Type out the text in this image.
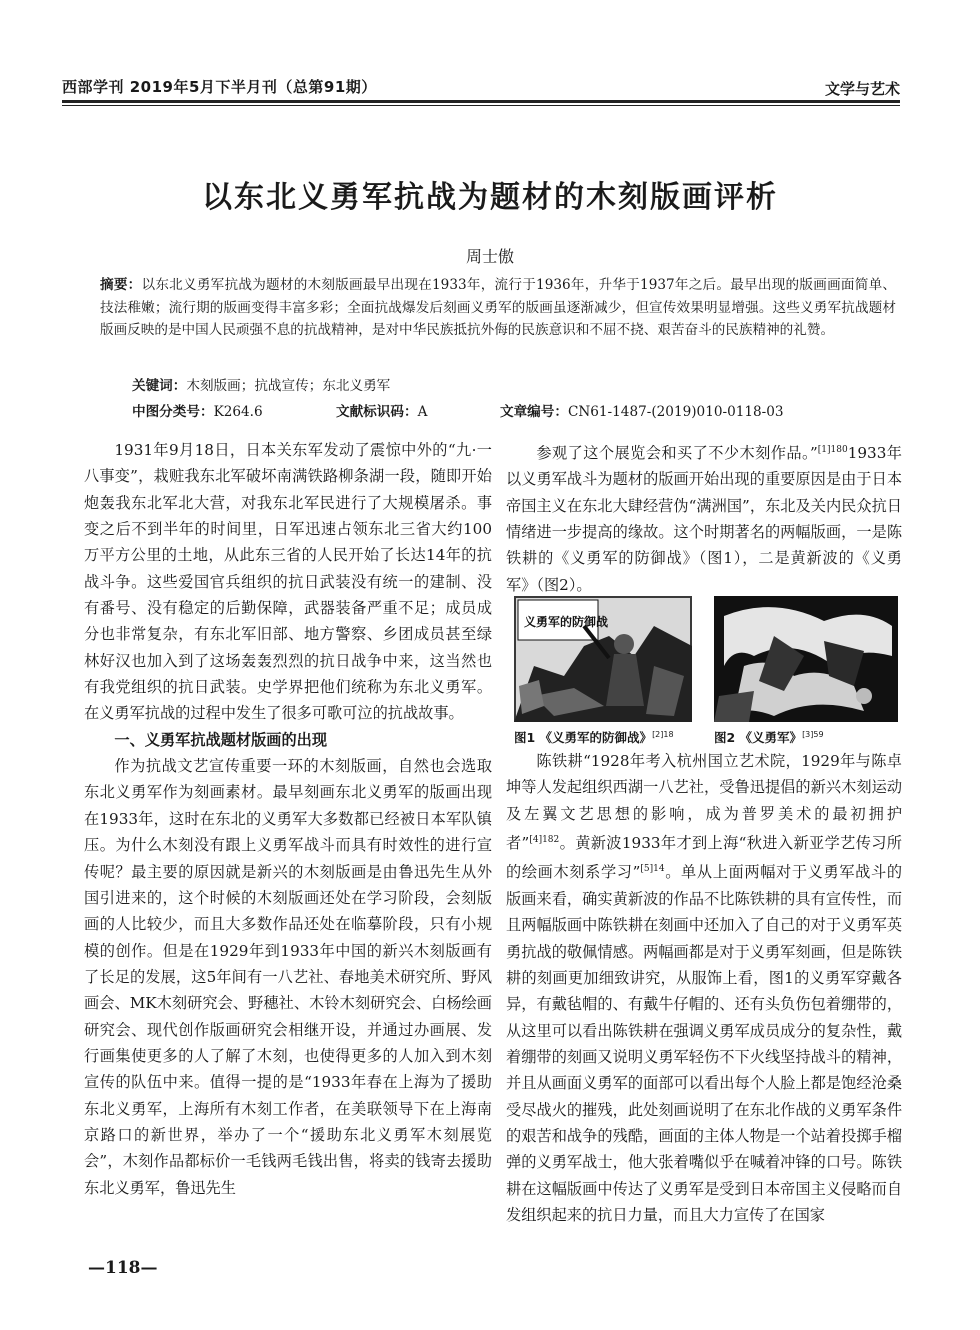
西部学刊 2019年5月下半月刊（总第91期）	文学与艺术
以东北义勇军抗战为题材的木刻版画评析
周士傲
摘要：以东北义勇军抗战为题材的木刻版画最早出现在1933年，流行于1936年，升华于1937年之后。最早出现的版画画面简单、技法稚嫩；流行期的版画变得丰富多彩；全面抗战爆发后刻画义勇军的版画虽逐渐减少，但宣传效果明显增强。这些义勇军抗战题材版画反映的是中国人民顽强不息的抗战精神，是对中华民族抵抗外侮的民族意识和不屈不挠、艰苦奋斗的民族精神的礼赞。
关键词：木刻版画；抗战宣传；东北义勇军
中图分类号：K264.6	文献标识码：A	文章编号：CN61-1487-(2019)010-0118-03

1931年9月18日，日本关东军发动了震惊中外的“九·一八事变”，栽赃我东北军破坏南满铁路柳条湖一段，随即开始炮轰我东北军北大营，对我东北军民进行了大规模屠杀。事变之后不到半年的时间里，日军迅速占领东北三省大约100万平方公里的土地，从此东三省的人民开始了长达14年的抗战斗争。这些爱国官兵组织的抗日武装没有统一的建制、没有番号、没有稳定的后勤保障，武器装备严重不足；成员成分也非常复杂，有东北军旧部、地方警察、乡团成员甚至绿林好汉也加入到了这场轰轰烈烈的抗日战争中来，这当然也有我党组织的抗日武装。史学界把他们统称为东北义勇军。在义勇军抗战的过程中发生了很多可歌可泣的抗战故事。

一、义勇军抗战题材版画的出现

作为抗战文艺宣传重要一环的木刻版画，自然也会选取东北义勇军作为刻画素材。最早刻画东北义勇军的版画出现在1933年，这时在东北的义勇军大多数都已经被日本军队镇压。为什么木刻没有跟上义勇军战斗而具有时效性的进行宣传呢？最主要的原因就是新兴的木刻版画是由鲁迅先生从外国引进来的，这个时候的木刻版画还处在学习阶段，会刻版画的人比较少，而且大多数作品还处在临摹阶段，只有小规模的创作。但是在1929年到1933年中国的新兴木刻版画有了长足的发展，这5年间有一八艺社、春地美术研究所、野风画会、MK木刻研究会、野穗社、木铃木刻研究会、白杨绘画研究会、现代创作版画研究会相继开设，并通过办画展、发行画集使更多的人了解了木刻，也使得更多的人加入到木刻宣传的队伍中来。值得一提的是“1933年春在上海为了援助东北义勇军，上海所有木刻工作者，在美联领导下在上海南京路口的新世界，举办了一个“援助东北义勇军木刻展览会”，木刻作品都标价一毛钱两毛钱出售，将卖的钱寄去援助东北义勇军，鲁迅先生

参观了这个展览会和买了不少木刻作品。”$^{[1]180}$1933年以义勇军战斗为题材的版画开始出现的重要原因是由于日本帝国主义在东北大肆经营伪“满洲国”，东北及关内民众抗日情绪进一步提高的缘故。这个时期著名的两幅版画，一是陈铁耕的《义勇军的防御战》（图1），二是黄新波的《义勇军》（图2）。

义勇军的防御战
图1 《义勇军的防御战》$^{[2]18}$	图2 《义勇军》$^{[3]59}$

陈铁耕“1928年考入杭州国立艺术院，1929年与陈卓坤等人发起组织西湖一八艺社，受鲁迅提倡的新兴木刻运动及左翼文艺思想的影响，成为普罗美术的最初拥护者”$^{[4]182}$。黄新波1933年才到上海“秋进入新亚学艺传习所的绘画木刻系学习”$^{[5]14}$。单从上面两幅对于义勇军战斗的版画来看，确实黄新波的作品不比陈铁耕的具有宣传性，而且两幅版画中陈铁耕在刻画中还加入了自己的对于义勇军英勇抗战的敬佩情感。两幅画都是对于义勇军刻画，但是陈铁耕的刻画更加细致讲究，从服饰上看，图1的义勇军穿戴各异，有戴毡帽的、有戴牛仔帽的、还有头负伤包着绷带的，从这里可以看出陈铁耕在强调义勇军成员成分的复杂性，戴着绷带的刻画又说明义勇军轻伤不下火线坚持战斗的精神，并且从画面义勇军的面部可以看出每个人脸上都是饱经沧桑受尽战火的摧残，此处刻画说明了在东北作战的义勇军条件的艰苦和战争的残酷，画面的主体人物是一个站着投掷手榴弹的义勇军战士，他大张着嘴似乎在喊着冲锋的口号。陈铁耕在这幅版画中传达了义勇军是受到日本帝国主义侵略而自发组织起来的抗日力量，而且大力宣传了在国家

—118—
